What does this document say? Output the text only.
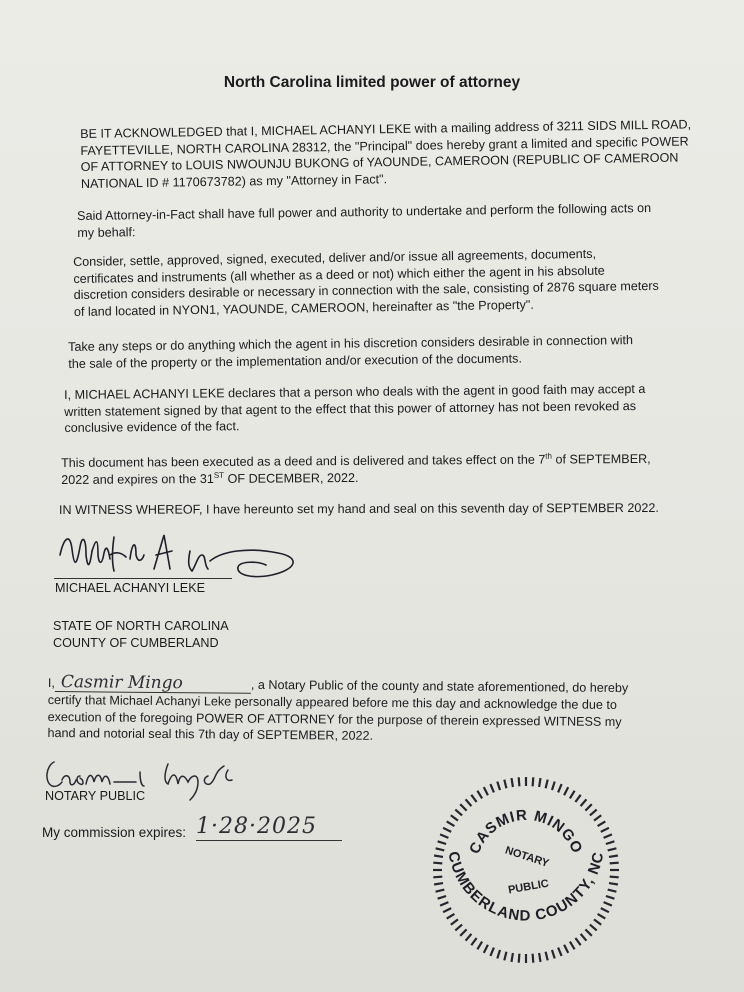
North Carolina limited power of attorney

BE IT ACKNOWLEDGED that I, MICHAEL ACHANYI LEKE with a mailing address of 3211 SIDS MILL ROAD,

FAYETTEVILLE, NORTH CAROLINA 28312, the "Principal" does hereby grant a limited and specific POWER

OF ATTORNEY to LOUIS NWOUNJU BUKONG of YAOUNDE, CAMEROON (REPUBLIC OF CAMEROON

NATIONAL ID # 1170673782) as my "Attorney in Fact".

Said Attorney-in-Fact shall have full power and authority to undertake and perform the following acts on

my behalf:

Consider, settle, approved, signed, executed, deliver and/or issue all agreements, documents,

certificates and instruments (all whether as a deed or not) which either the agent in his absolute

discretion considers desirable or necessary in connection with the sale, consisting of 2876 square meters

of land located in NYON1, YAOUNDE, CAMEROON, hereinafter as "the Property".

Take any steps or do anything which the agent in his discretion considers desirable in connection with

the sale of the property or the implementation and/or execution of the documents.

I, MICHAEL ACHANYI LEKE declares that a person who deals with the agent in good faith may accept a

written statement signed by that agent to the effect that this power of attorney has not been revoked as

conclusive evidence of the fact.

This document has been executed as a deed and is delivered and takes effect on the 7th of SEPTEMBER,

2022 and expires on the 31ST OF DECEMBER, 2022.

IN WITNESS WHEREOF, I have hereunto set my hand and seal on this seventh day of SEPTEMBER 2022.

MICHAEL ACHANYI LEKE
STATE OF NORTH CAROLINA
COUNTY OF CUMBERLAND

I, Casmir Mingo	, a Notary Public of the county and state aforementioned, do hereby

certify that Michael Achanyi Leke personally appeared before me this day and acknowledge the due to

execution of the foregoing POWER OF ATTORNEY for the purpose of therein expressed WITNESS my

hand and notorial seal this 7th day of SEPTEMBER, 2022.

NOTARY PUBLIC
My commission expires: 1·28·2025
CASMIR MINGO
CUMBERLAND COUNTY, NC
NOTARY
PUBLIC
